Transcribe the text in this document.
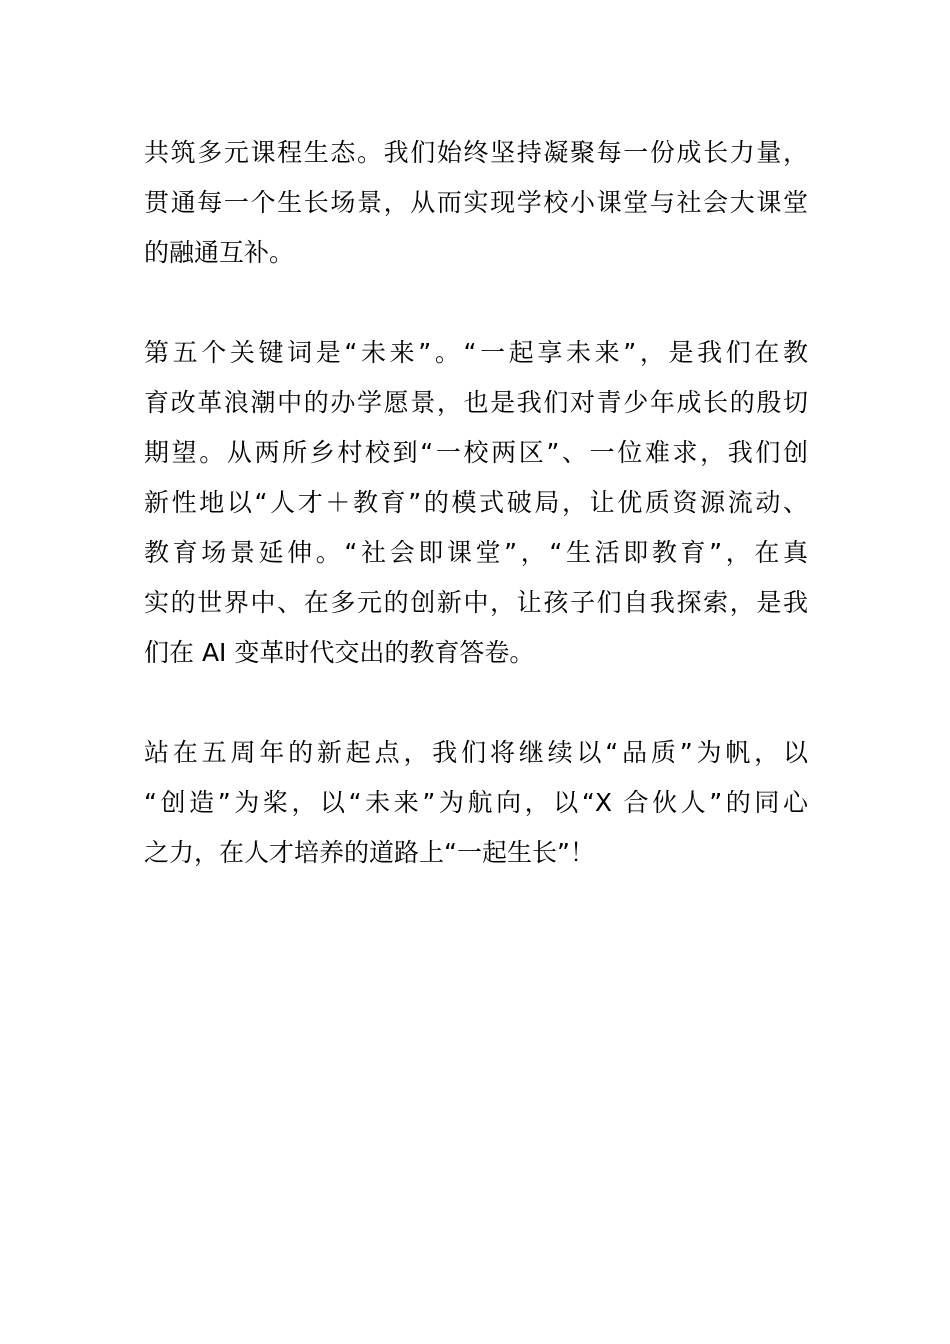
共筑多元课程生态。我们始终坚持凝聚每一份成长力量，
贯通每一个生长场景，从而实现学校小课堂与社会大课堂
的融通互补。

第五个关键词是“未来”。“一起享未来”，是我们在教
育改革浪潮中的办学愿景，也是我们对青少年成长的殷切
期望。从两所乡村校到“一校两区”、一位难求，我们创
新性地以“人才＋教育”的模式破局，让优质资源流动、
教育场景延伸。“社会即课堂”，“生活即教育”，在真
实的世界中、在多元的创新中，让孩子们自我探索，是我
们在 AI 变革时代交出的教育答卷。

站在五周年的新起点，我们将继续以“品质”为帆，以
“创造”为桨，以“未来”为航向，以“X 合伙人”的同心
之力，在人才培养的道路上“一起生长”！
